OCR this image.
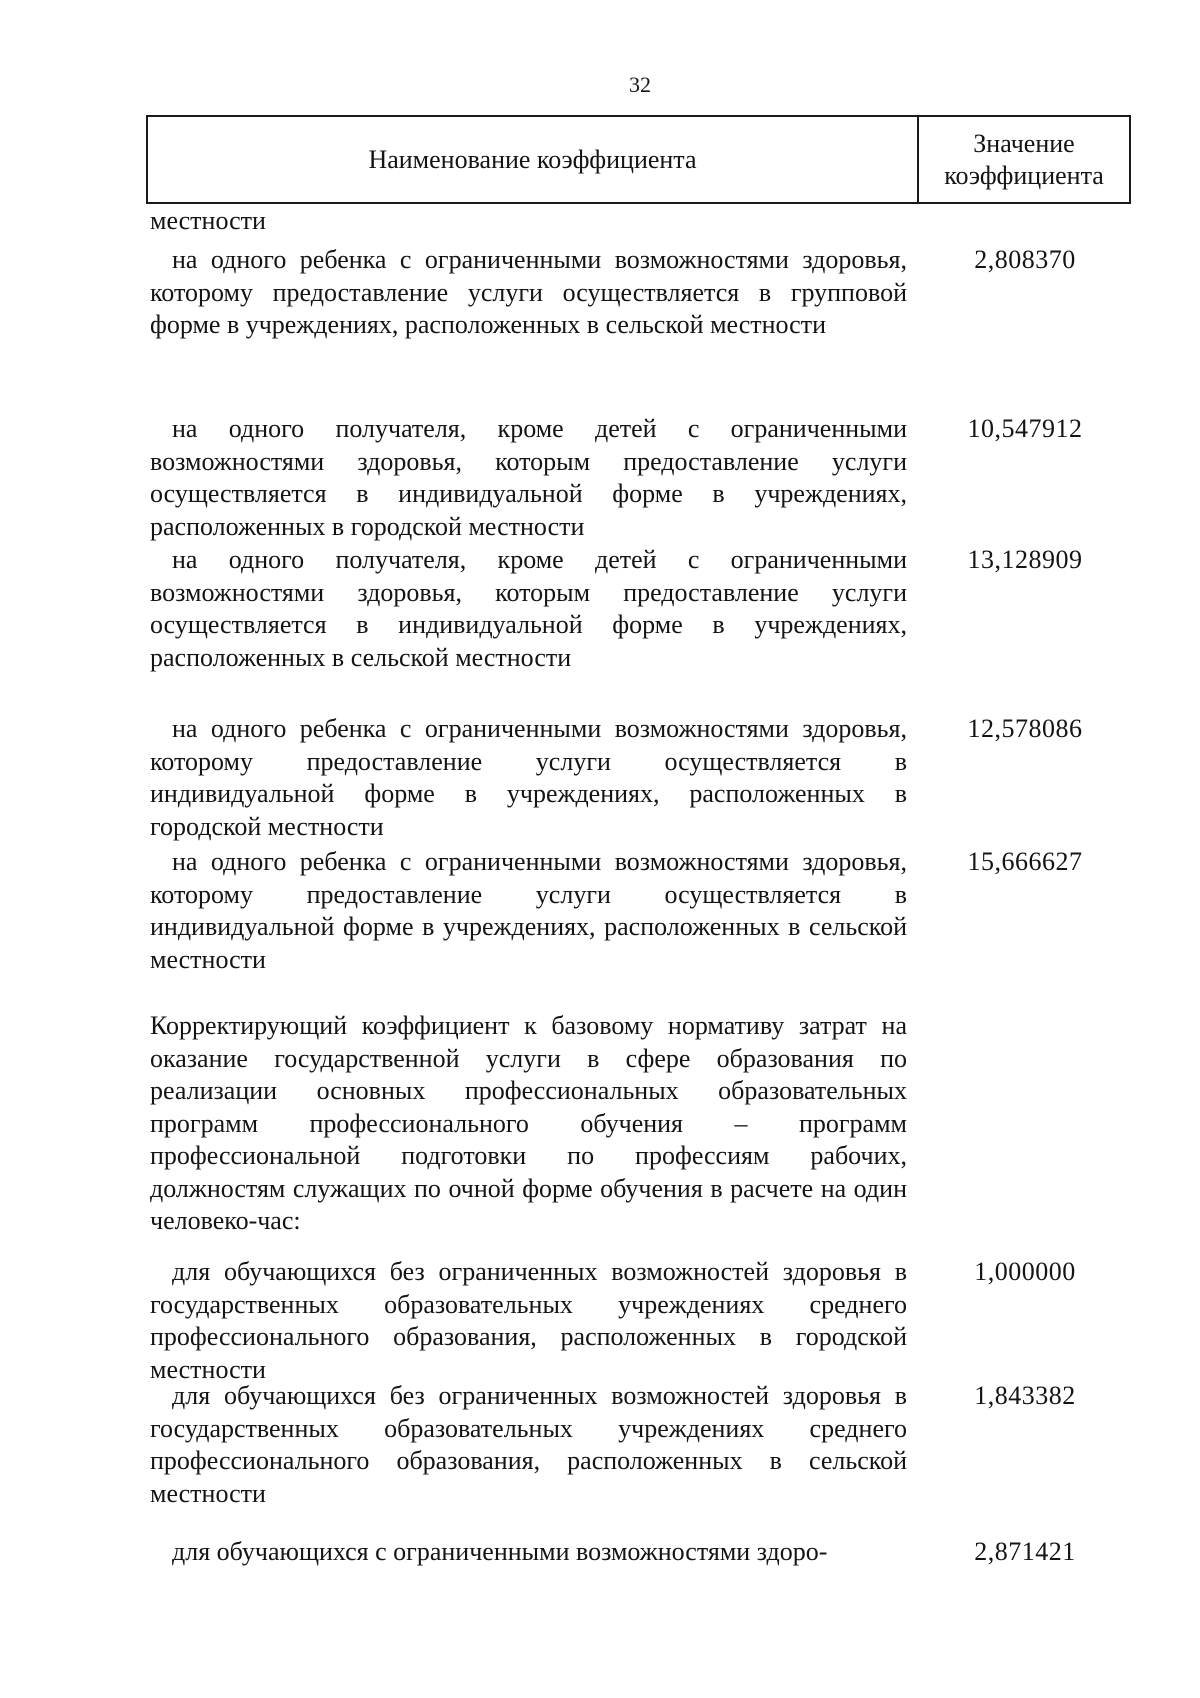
32
Наименование коэффициента
Значение коэффициента
местности
на одного ребенка с ограниченными возможностями здоровья, которому предоставление услуги осуществляется в групповой форме в учреждениях, расположенных в сельской местности
2,808370
на одного получателя, кроме детей с ограниченными возможностями здоровья, которым предоставление услуги осуществляется в индивидуальной форме в учреждениях, расположенных в городской местности
10,547912
на одного получателя, кроме детей с ограниченными возможностями здоровья, которым предоставление услуги осуществляется в индивидуальной форме в учреждениях, расположенных в сельской местности
13,128909
на одного ребенка с ограниченными возможностями здоровья, которому предоставление услуги осуществляется в индивидуальной форме в учреждениях, расположенных в городской местности
12,578086
на одного ребенка с ограниченными возможностями здоровья, которому предоставление услуги осуществляется в индивидуальной форме в учреждениях, расположенных в сельской местности
15,666627
Корректирующий коэффициент к базовому нормативу затрат на оказание государственной услуги в сфере образования по реализации основных профессиональных образовательных программ профессионального обучения – программ профессиональной подготовки по профессиям рабочих, должностям служащих по очной форме обучения в расчете на один человеко-час:
для обучающихся без ограниченных возможностей здоровья в государственных образовательных учреждениях среднего профессионального образования, расположенных в городской местности
1,000000
для обучающихся без ограниченных возможностей здоровья в государственных образовательных учреждениях среднего профессионального образования, расположенных в сельской местности
1,843382
для обучающихся с ограниченными возможностями здоро-	2,871421
